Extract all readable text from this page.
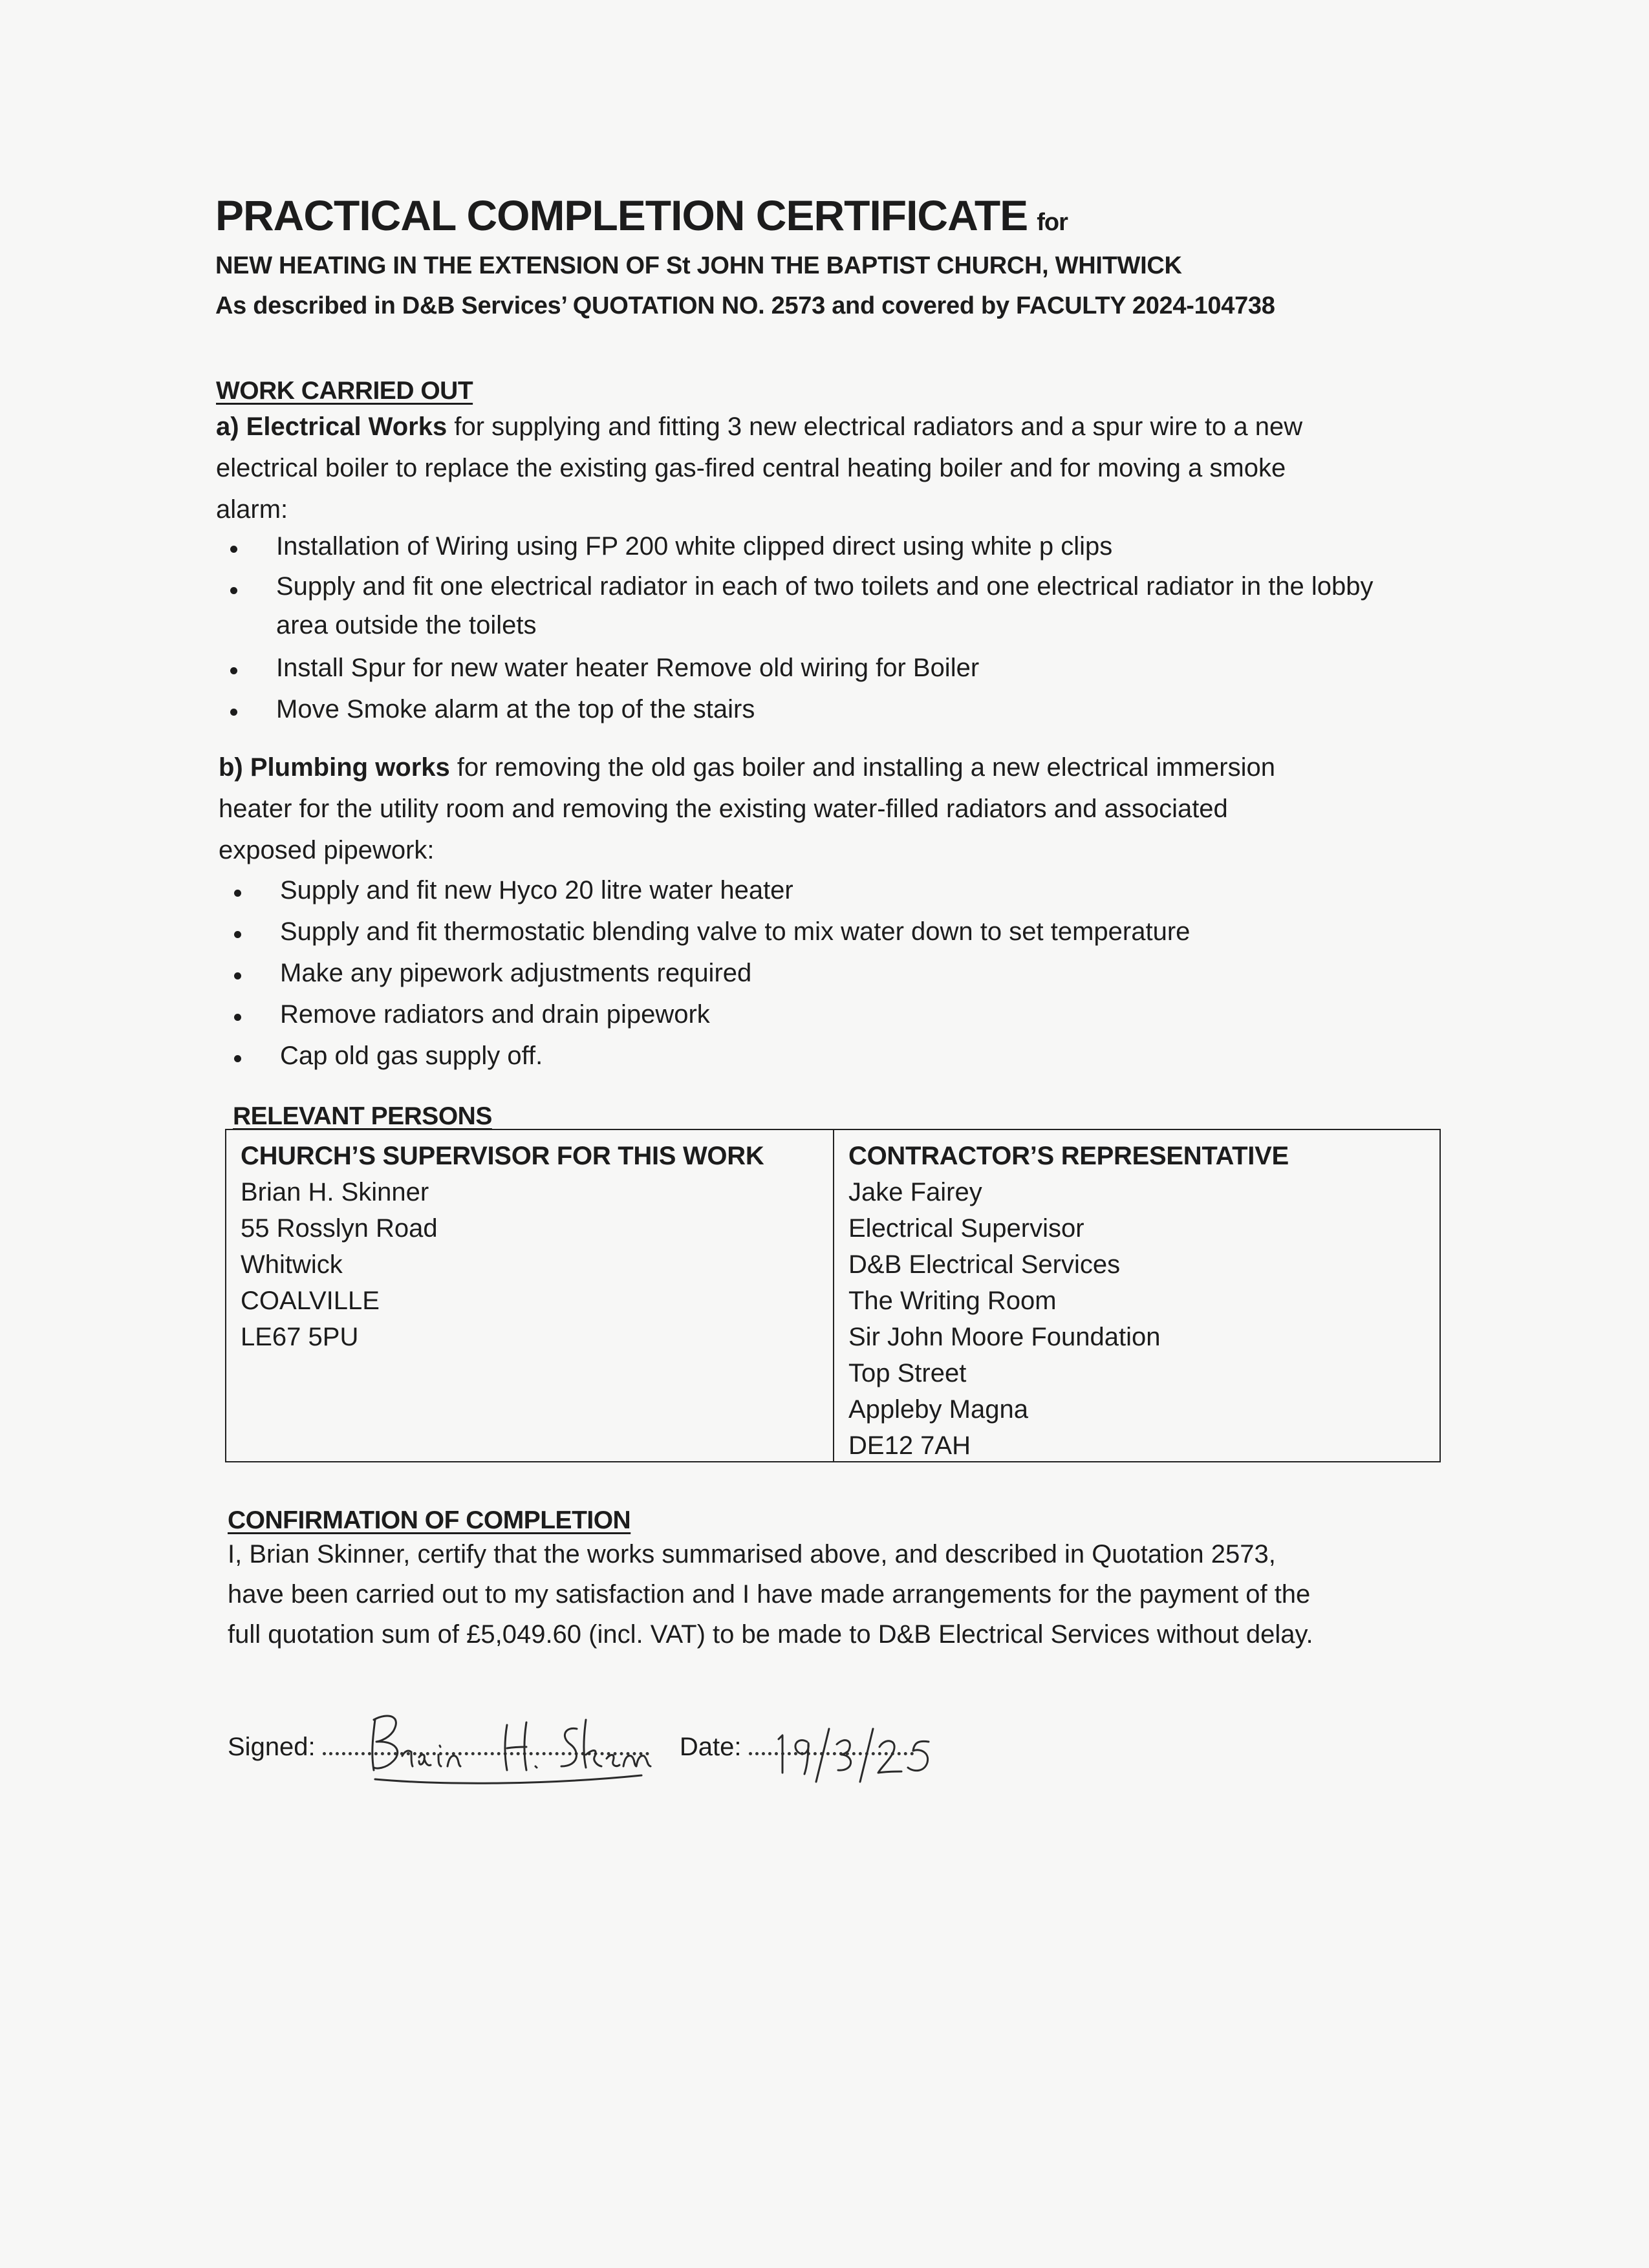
PRACTICAL COMPLETION CERTIFICATE for

NEW HEATING IN THE EXTENSION OF St JOHN THE BAPTIST CHURCH, WHITWICK

As described in D&B Services’ QUOTATION NO. 2573 and covered by FACULTY 2024-104738

WORK CARRIED OUT

a) Electrical Works for supplying and fitting 3 new electrical radiators and a spur wire to a new
electrical boiler to replace the existing gas-fired central heating boiler and for moving a smoke
alarm:

Installation of Wiring using FP 200 white clipped direct using white p clips
Supply and fit one electrical radiator in each of two toilets and one electrical radiator in the lobby area outside the toilets
Install Spur for new water heater Remove old wiring for Boiler
Move Smoke alarm at the top of the stairs

b) Plumbing works for removing the old gas boiler and installing a new electrical immersion
heater for the utility room and removing the existing water-filled radiators and associated
exposed pipework:

Supply and fit new Hyco 20 litre water heater
Supply and fit thermostatic blending valve to mix water down to set temperature
Make any pipework adjustments required
Remove radiators and drain pipework
Cap old gas supply off.

RELEVANT PERSONS

CHURCH’S SUPERVISOR FOR THIS WORK

Brian H. Skinner

55 Rosslyn Road

Whitwick

COALVILLE

LE67 5PU

CONTRACTOR’S REPRESENTATIVE

Jake Fairey

Electrical Supervisor

D&B Electrical Services

The Writing Room

Sir John Moore Foundation

Top Street

Appleby Magna

DE12 7AH

CONFIRMATION OF COMPLETION

I, Brian Skinner, certify that the works summarised above, and described in Quotation 2573,
have been carried out to my satisfaction and I have made arrangements for the payment of the
full quotation sum of £5,049.60 (incl. VAT) to be made to D&B Electrical Services without delay.

Signed:	Date:
